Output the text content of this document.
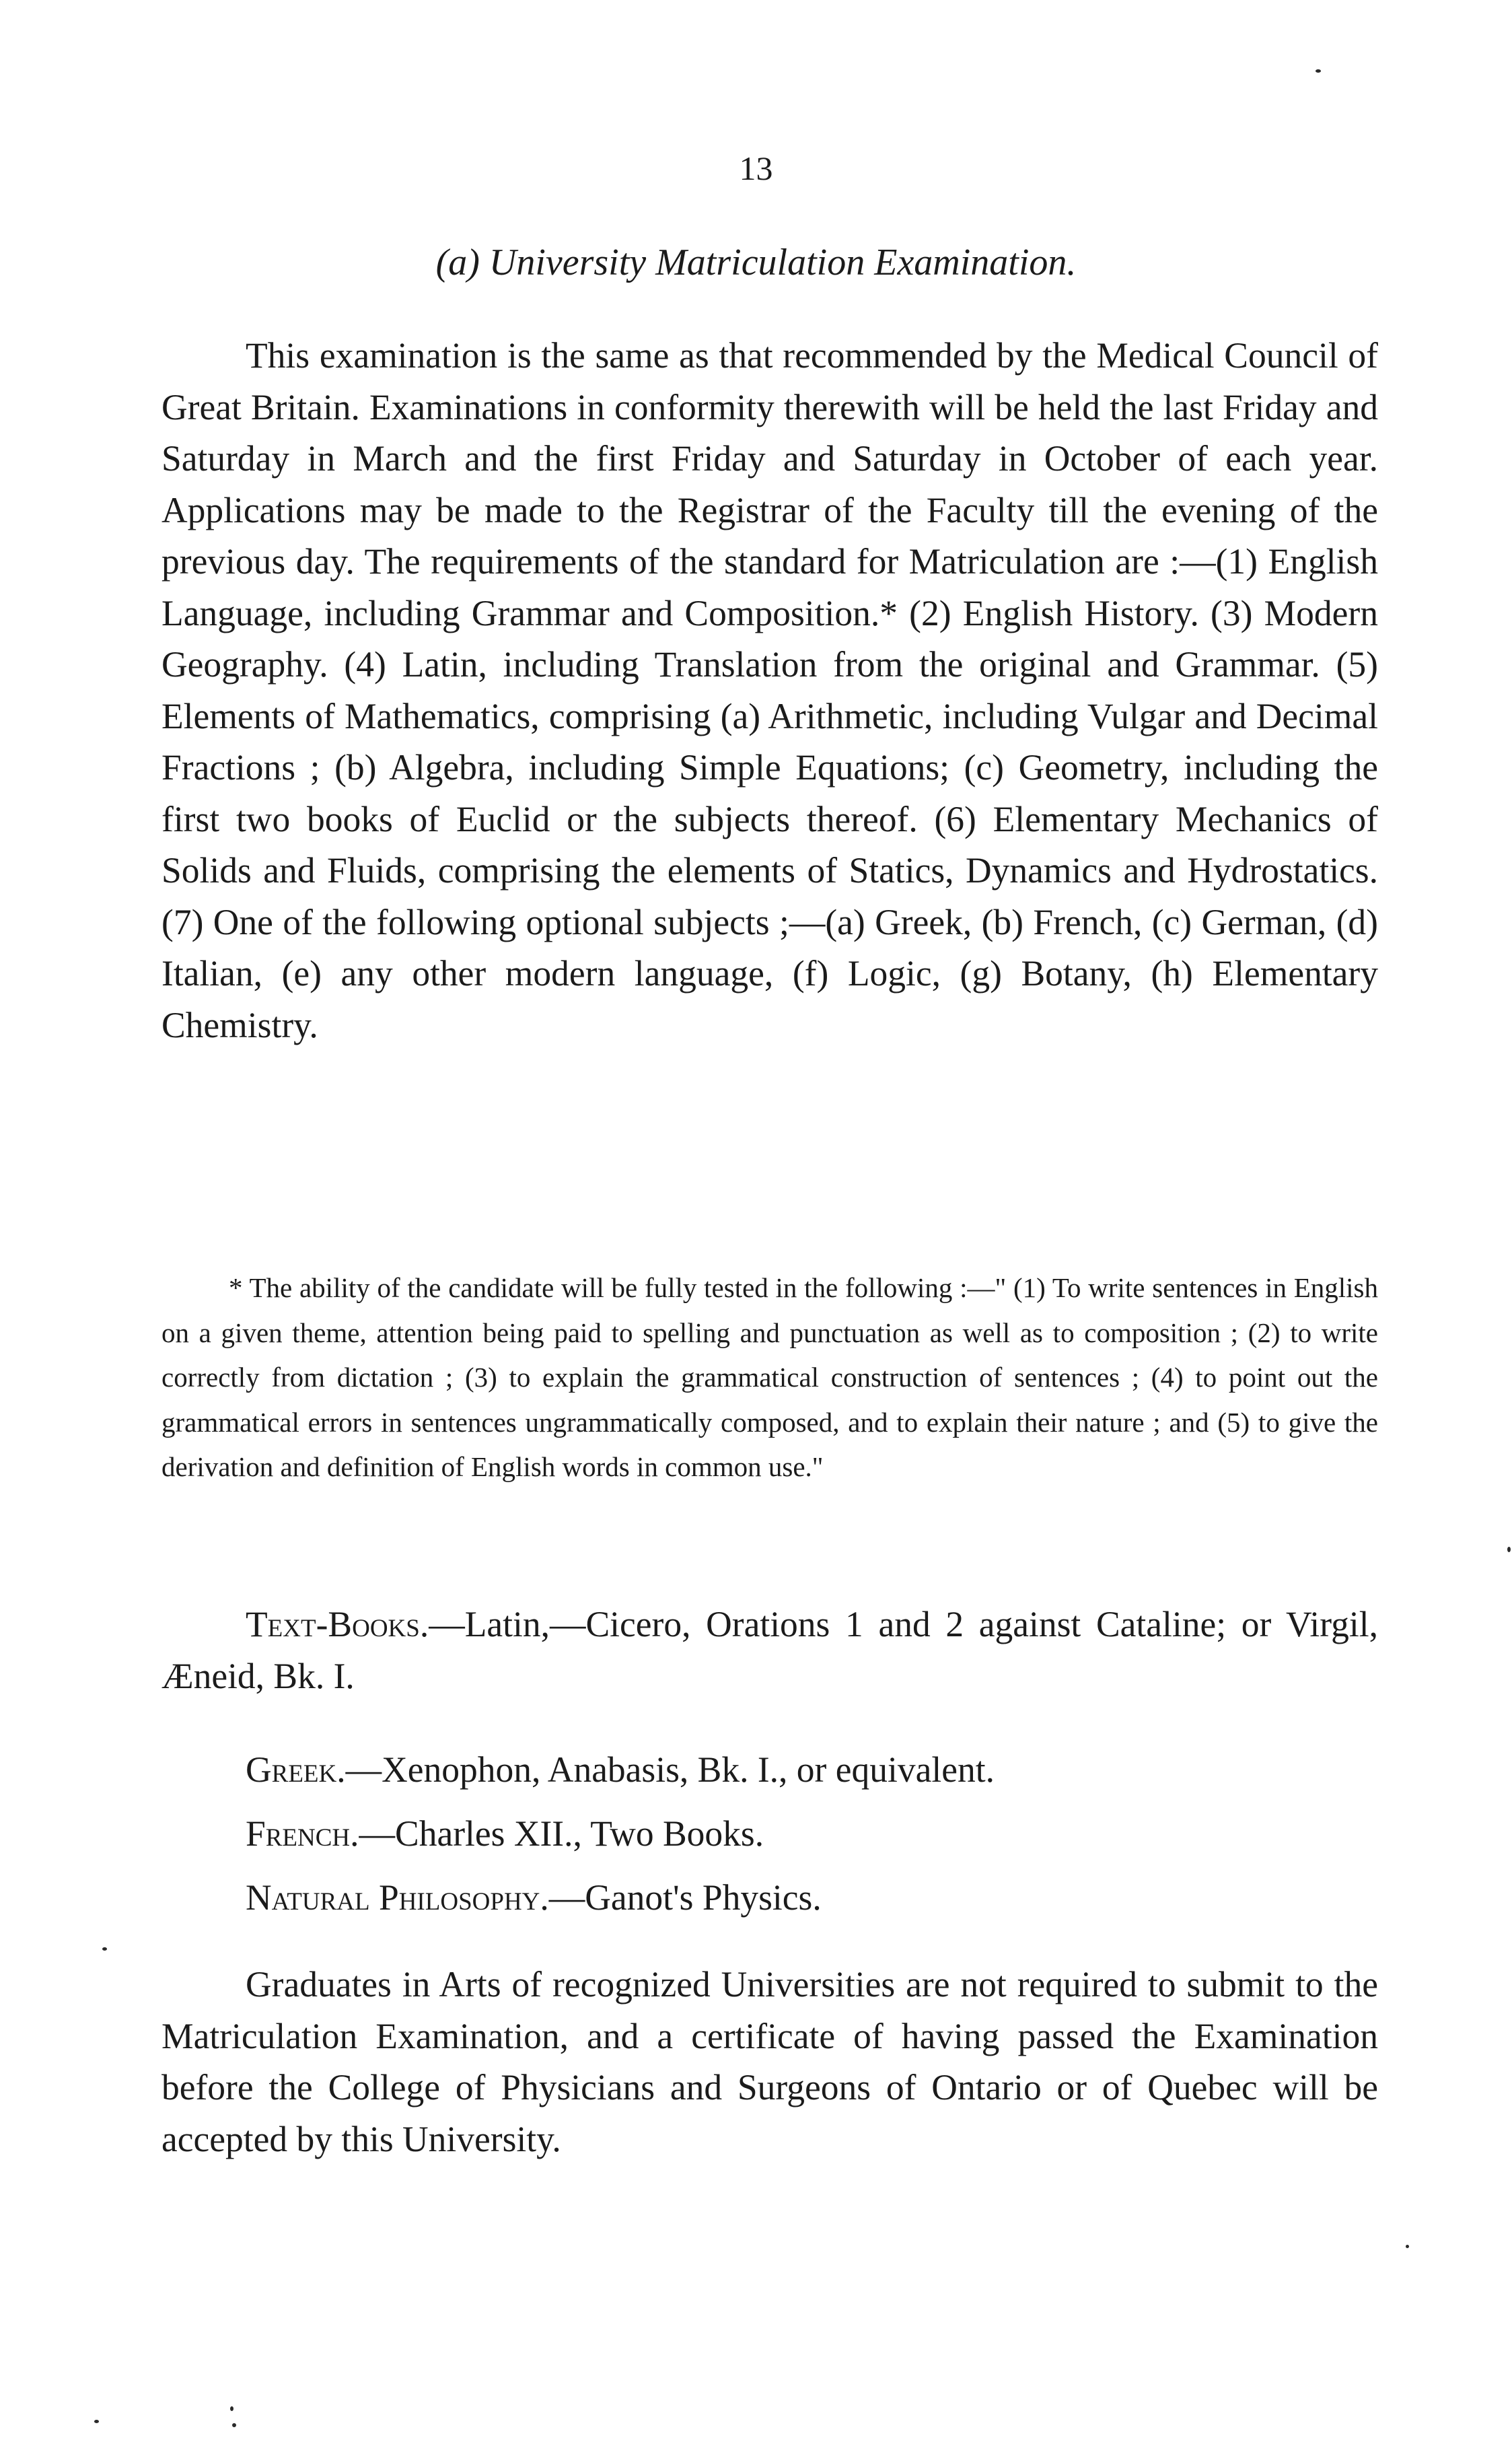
13
(a) University Matriculation Examination.
This examination is the same as that recommended by the Medical Council of Great Britain. Examinations in conformity therewith will be held the last Friday and Saturday in March and the first Friday and Saturday in October of each year. Applications may be made to the Registrar of the Faculty till the evening of the previous day. The requirements of the standard for Matriculation are :—(1) English Language, including Grammar and Composition.* (2) English History. (3) Modern Geography. (4) Latin, including Translation from the original and Grammar. (5) Elements of Mathematics, comprising (a) Arithmetic, including Vulgar and Decimal Fractions ; (b) Algebra, including Simple Equations; (c) Geometry, including the first two books of Euclid or the subjects thereof. (6) Elementary Mechanics of Solids and Fluids, comprising the elements of Statics, Dynamics and Hydrostatics. (7) One of the following optional subjects ;—(a) Greek, (b) French, (c) German, (d) Italian, (e) any other modern language, (f) Logic, (g) Botany, (h) Elementary Chemistry.
* The ability of the candidate will be fully tested in the following :—" (1) To write sentences in English on a given theme, attention being paid to spelling and punctuation as well as to composition ; (2) to write correctly from dictation ; (3) to explain the grammatical construction of sentences ; (4) to point out the grammatical errors in sentences ungrammatically composed, and to explain their nature ; and (5) to give the derivation and definition of English words in common use."
Text-Books.—Latin,—Cicero, Orations 1 and 2 against Cataline; or Virgil, Æneid, Bk. I.
Greek.—Xenophon, Anabasis, Bk. I., or equivalent.
French.—Charles XII., Two Books.
Natural Philosophy.—Ganot's Physics.
Graduates in Arts of recognized Universities are not required to submit to the Matriculation Examination, and a certificate of having passed the Examination before the College of Physicians and Surgeons of Ontario or of Quebec will be accepted by this University.
